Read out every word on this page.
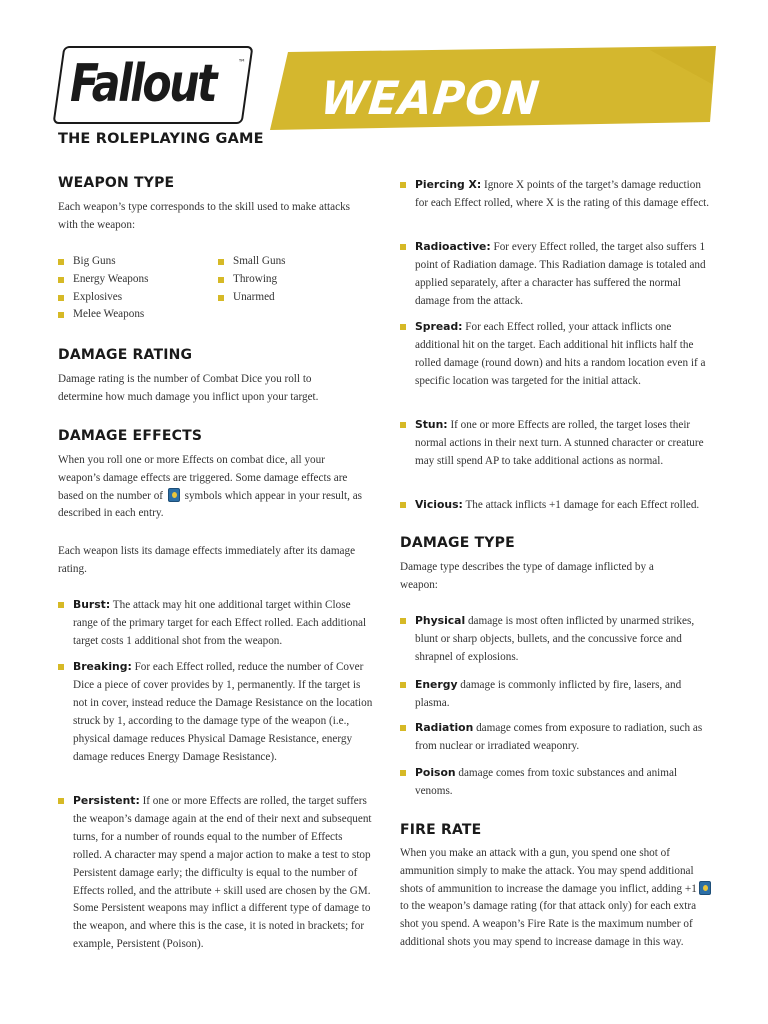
Fallout	™
THE ROLEPLAYING GAME
WEAPON RULES
WEAPON TYPE

Each weapon’s type corresponds to the skill used to make attacks with the weapon:

Big Guns
Energy Weapons
Explosives
Melee Weapons
Small Guns
Throwing
Unarmed
DAMAGE RATING

Damage rating is the number of Combat Dice you roll to determine how much damage you inflict upon your target.

DAMAGE EFFECTS

When you roll one or more Effects on combat dice, all your weapon’s damage effects are triggered. Some damage effects are based on the number of symbols which appear in your result, as described in each entry.

Each weapon lists its damage effects immediately after its damage rating.

Burst: The attack may hit one additional target within Close range of the primary target for each Effect rolled. Each additional target costs 1 additional shot from the weapon.
Breaking: For each Effect rolled, reduce the number of Cover Dice a piece of cover provides by 1, permanently. If the target is not in cover, instead reduce the Damage Resistance on the location struck by 1, according to the damage type of the weapon (i.e., physical damage reduces Physical Damage Resistance, energy damage reduces Energy Damage Resistance).
Persistent: If one or more Effects are rolled, the target suffers the weapon’s damage again at the end of their next and subsequent turns, for a number of rounds equal to the number of Effects rolled. A character may spend a major action to make a test to stop Persistent damage early; the difficulty is equal to the number of Effects rolled, and the attribute + skill used are chosen by the GM. Some Persistent weapons may inflict a different type of damage to the weapon, and where this is the case, it is noted in brackets; for example, Persistent (Poison).
Piercing X: Ignore X points of the target’s damage reduction for each Effect rolled, where X is the rating of this damage effect.
Radioactive: For every Effect rolled, the target also suffers 1 point of Radiation damage. This Radiation damage is totaled and applied separately, after a character has suffered the normal damage from the attack.
Spread: For each Effect rolled, your attack inflicts one additional hit on the target. Each additional hit inflicts half the rolled damage (round down) and hits a random location even if a specific location was targeted for the initial attack.
Stun: If one or more Effects are rolled, the target loses their normal actions in their next turn. A stunned character or creature may still spend AP to take additional actions as normal.
Vicious: The attack inflicts +1 damage for each Effect rolled.
DAMAGE TYPE

Damage type describes the type of damage inflicted by a weapon:

Physical damage is most often inflicted by unarmed strikes, blunt or sharp objects, bullets, and the concussive force and shrapnel of explosions.
Energy damage is commonly inflicted by fire, lasers, and plasma.
Radiation damage comes from exposure to radiation, such as from nuclear or irradiated weaponry.
Poison damage comes from toxic substances and animal venoms.
FIRE RATE

When you make an attack with a gun, you spend one shot of ammunition simply to make the attack. You may spend additional shots of ammunition to increase the damage you inflict, adding +1 to the weapon’s damage rating (for that attack only) for each extra shot you spend. A weapon’s Fire Rate is the maximum number of additional shots you may spend to increase damage in this way.
